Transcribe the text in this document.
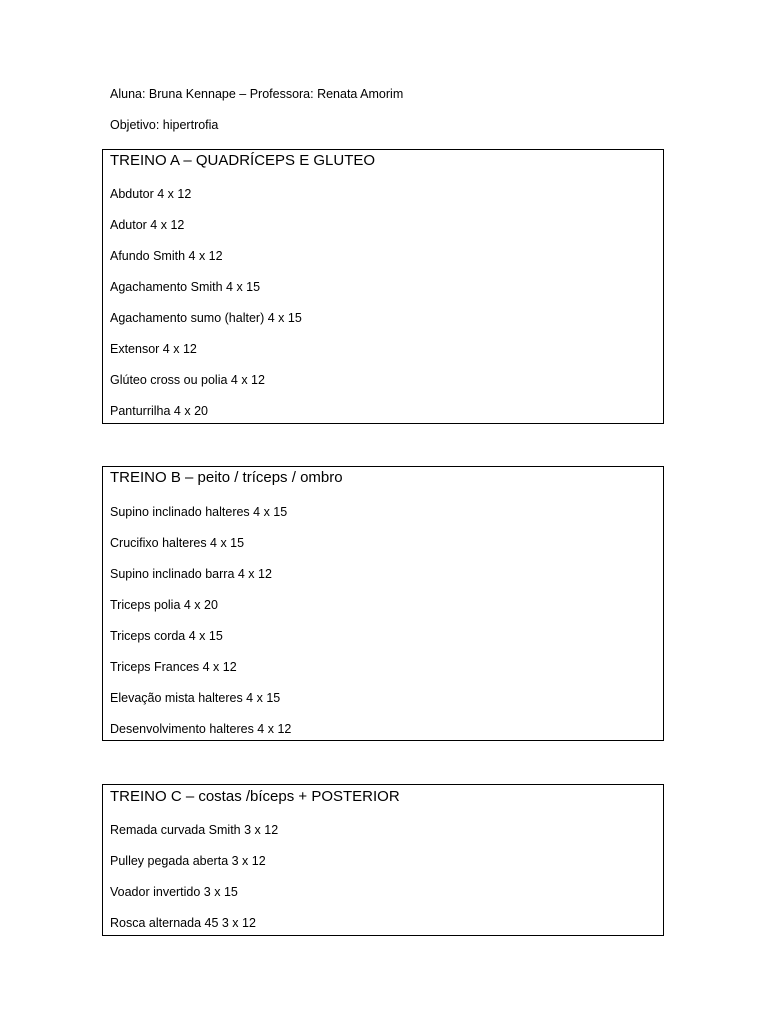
Aluna: Bruna Kennape – Professora: Renata Amorim
Objetivo: hipertrofia
TREINO A – QUADRÍCEPS E GLUTEO
Abdutor 4 x 12
Adutor 4 x 12
Afundo Smith 4 x 12
Agachamento Smith 4 x 15
Agachamento sumo (halter) 4 x 15
Extensor 4 x 12
Glúteo cross ou polia 4 x 12
Panturrilha 4 x 20
TREINO B – peito / tríceps / ombro
Supino inclinado halteres 4 x 15
Crucifixo halteres 4 x 15
Supino inclinado barra 4 x 12
Triceps polia 4 x 20
Triceps corda 4 x 15
Triceps Frances 4 x 12
Elevação mista halteres 4 x 15
Desenvolvimento halteres 4 x 12
TREINO C – costas /bíceps + POSTERIOR
Remada curvada Smith 3 x 12
Pulley pegada aberta 3 x 12
Voador invertido 3 x 15
Rosca alternada 45 3 x 12
